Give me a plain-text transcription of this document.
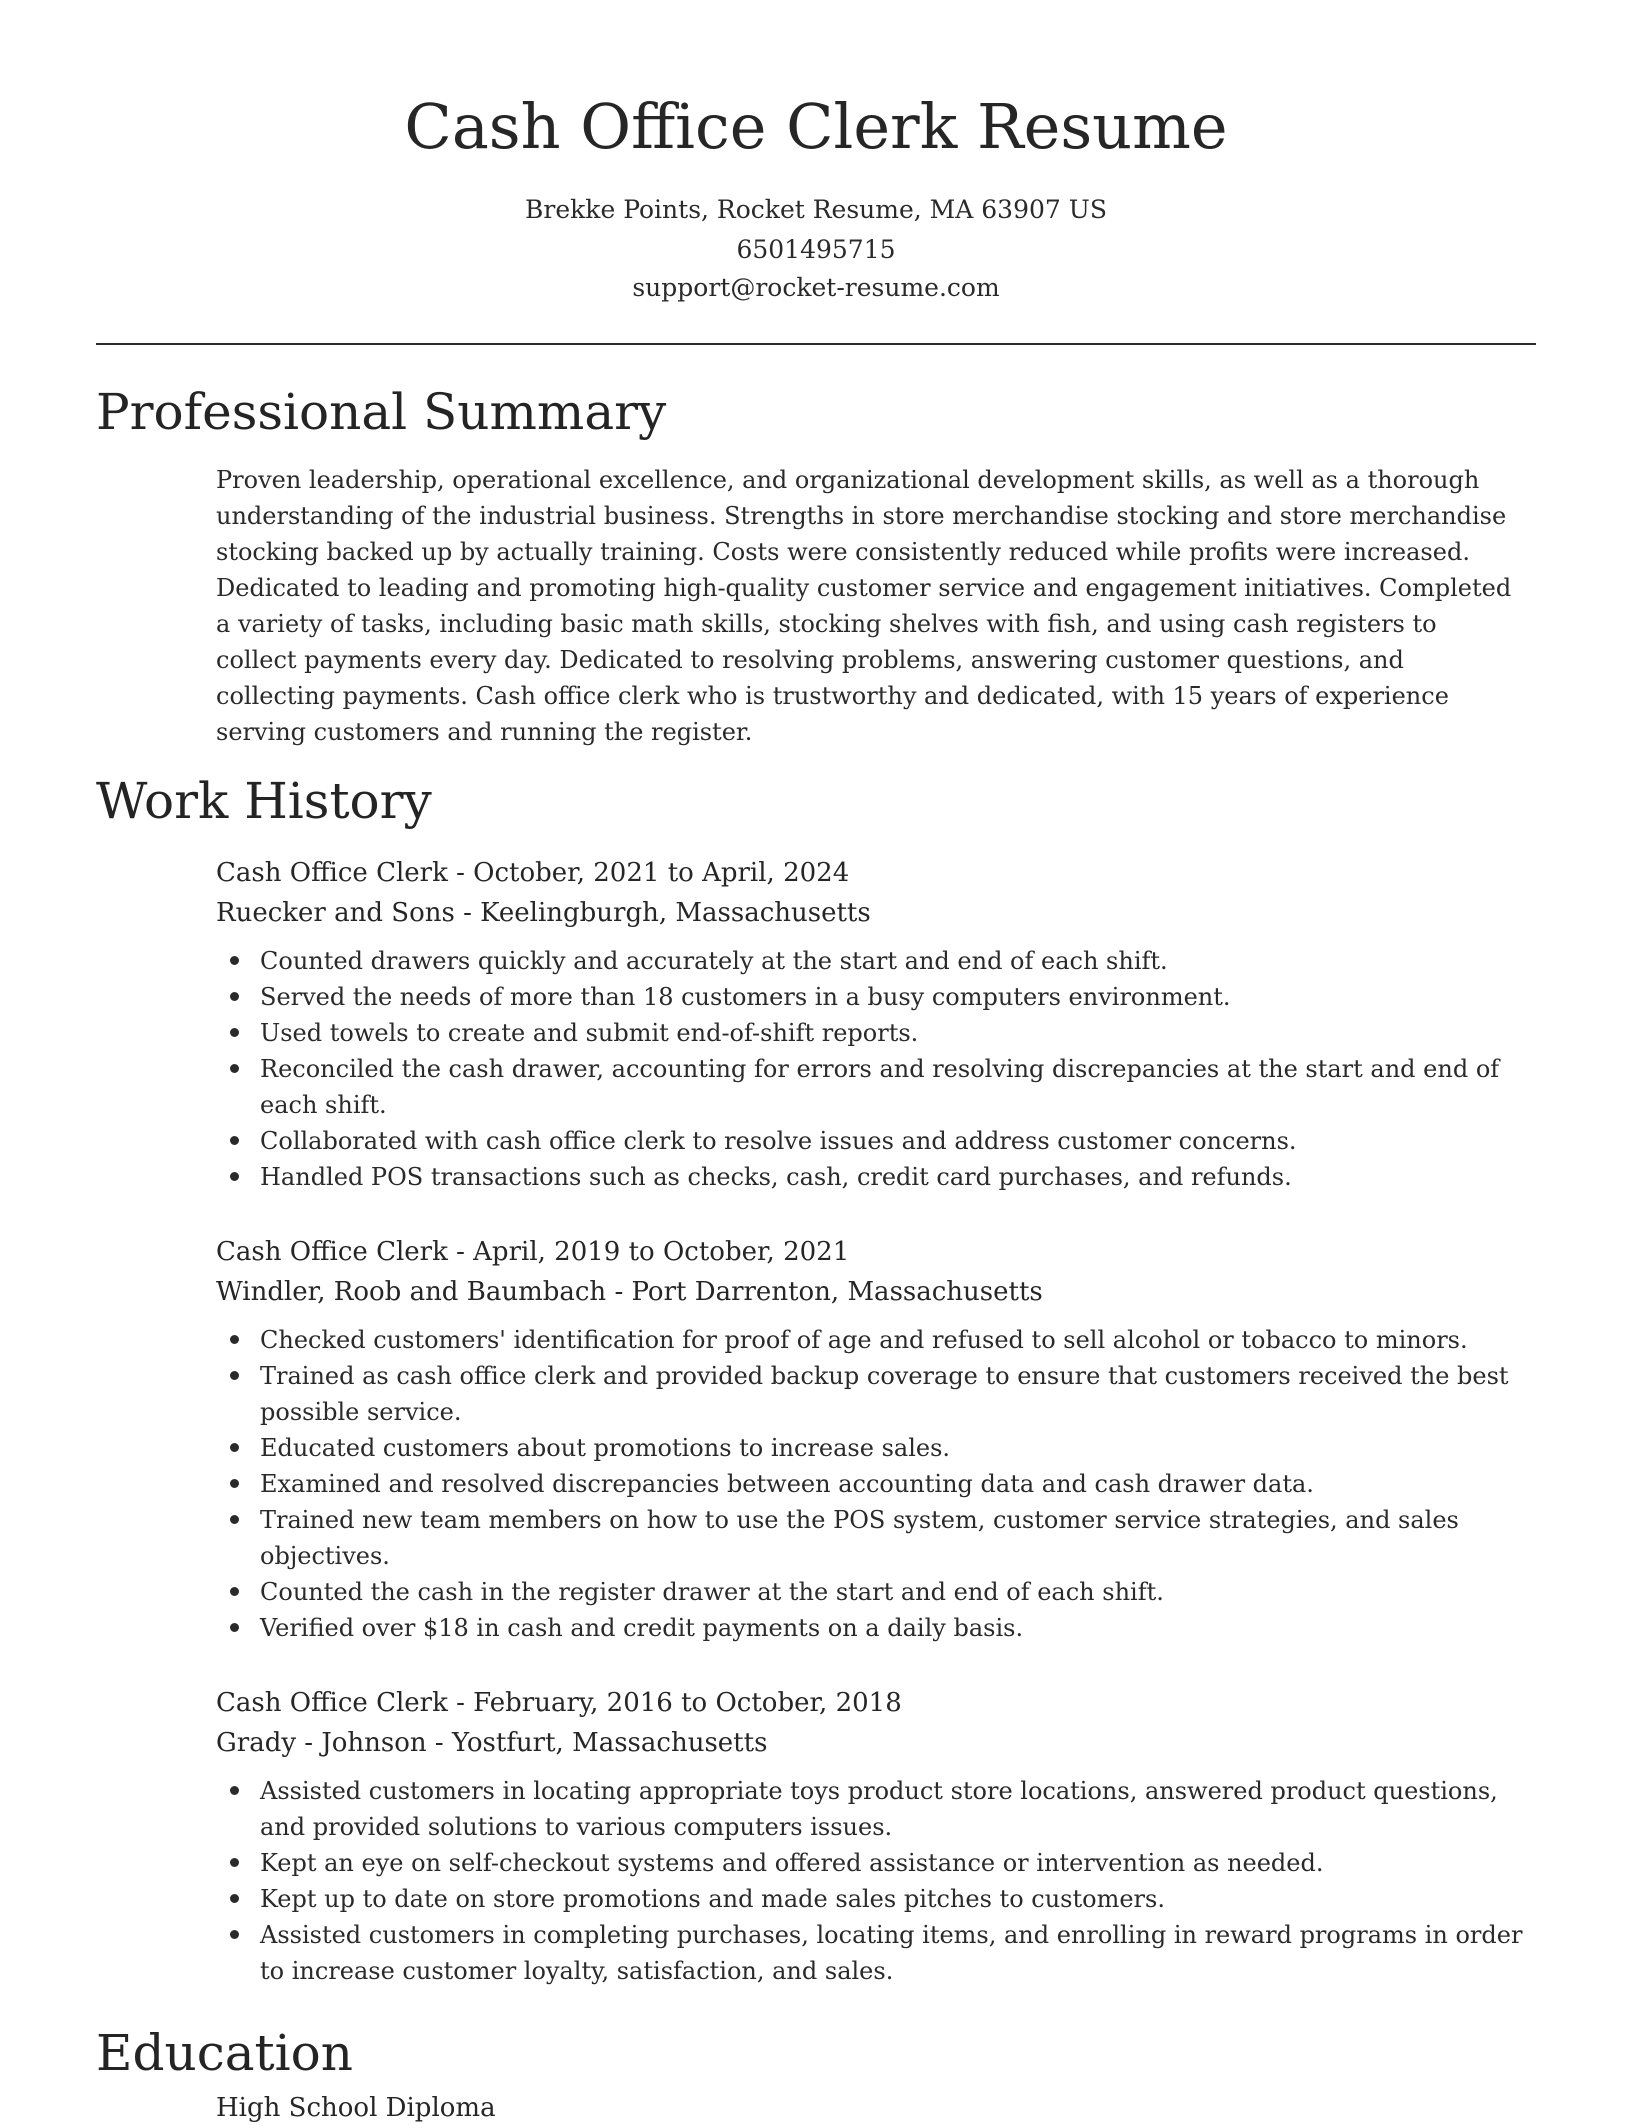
Cash Office Clerk Resume
Brekke Points, Rocket Resume, MA 63907 US
6501495715
support@rocket-resume.com
Professional Summary
Proven leadership, operational excellence, and organizational development skills, as well as a thorough understanding of the industrial business. Strengths in store merchandise stocking and store merchandise stocking backed up by actually training. Costs were consistently reduced while profits were increased. Dedicated to leading and promoting high-quality customer service and engagement initiatives. Completed a variety of tasks, including basic math skills, stocking shelves with fish, and using cash registers to collect payments every day. Dedicated to resolving problems, answering customer questions, and collecting payments. Cash office clerk who is trustworthy and dedicated, with 15 years of experience serving customers and running the register.
Work History
Cash Office Clerk - October, 2021 to April, 2024
Ruecker and Sons - Keelingburgh, Massachusetts
Counted drawers quickly and accurately at the start and end of each shift.
Served the needs of more than 18 customers in a busy computers environment.
Used towels to create and submit end-of-shift reports.
Reconciled the cash drawer, accounting for errors and resolving discrepancies at the start and end of each shift.
Collaborated with cash office clerk to resolve issues and address customer concerns.
Handled POS transactions such as checks, cash, credit card purchases, and refunds.
Cash Office Clerk - April, 2019 to October, 2021
Windler, Roob and Baumbach - Port Darrenton, Massachusetts
Checked customers' identification for proof of age and refused to sell alcohol or tobacco to minors.
Trained as cash office clerk and provided backup coverage to ensure that customers received the best possible service.
Educated customers about promotions to increase sales.
Examined and resolved discrepancies between accounting data and cash drawer data.
Trained new team members on how to use the POS system, customer service strategies, and sales objectives.
Counted the cash in the register drawer at the start and end of each shift.
Verified over $18 in cash and credit payments on a daily basis.
Cash Office Clerk - February, 2016 to October, 2018
Grady - Johnson - Yostfurt, Massachusetts
Assisted customers in locating appropriate toys product store locations, answered product questions, and provided solutions to various computers issues.
Kept an eye on self-checkout systems and offered assistance or intervention as needed.
Kept up to date on store promotions and made sales pitches to customers.
Assisted customers in completing purchases, locating items, and enrolling in reward programs in order to increase customer loyalty, satisfaction, and sales.
Education
High School Diploma
